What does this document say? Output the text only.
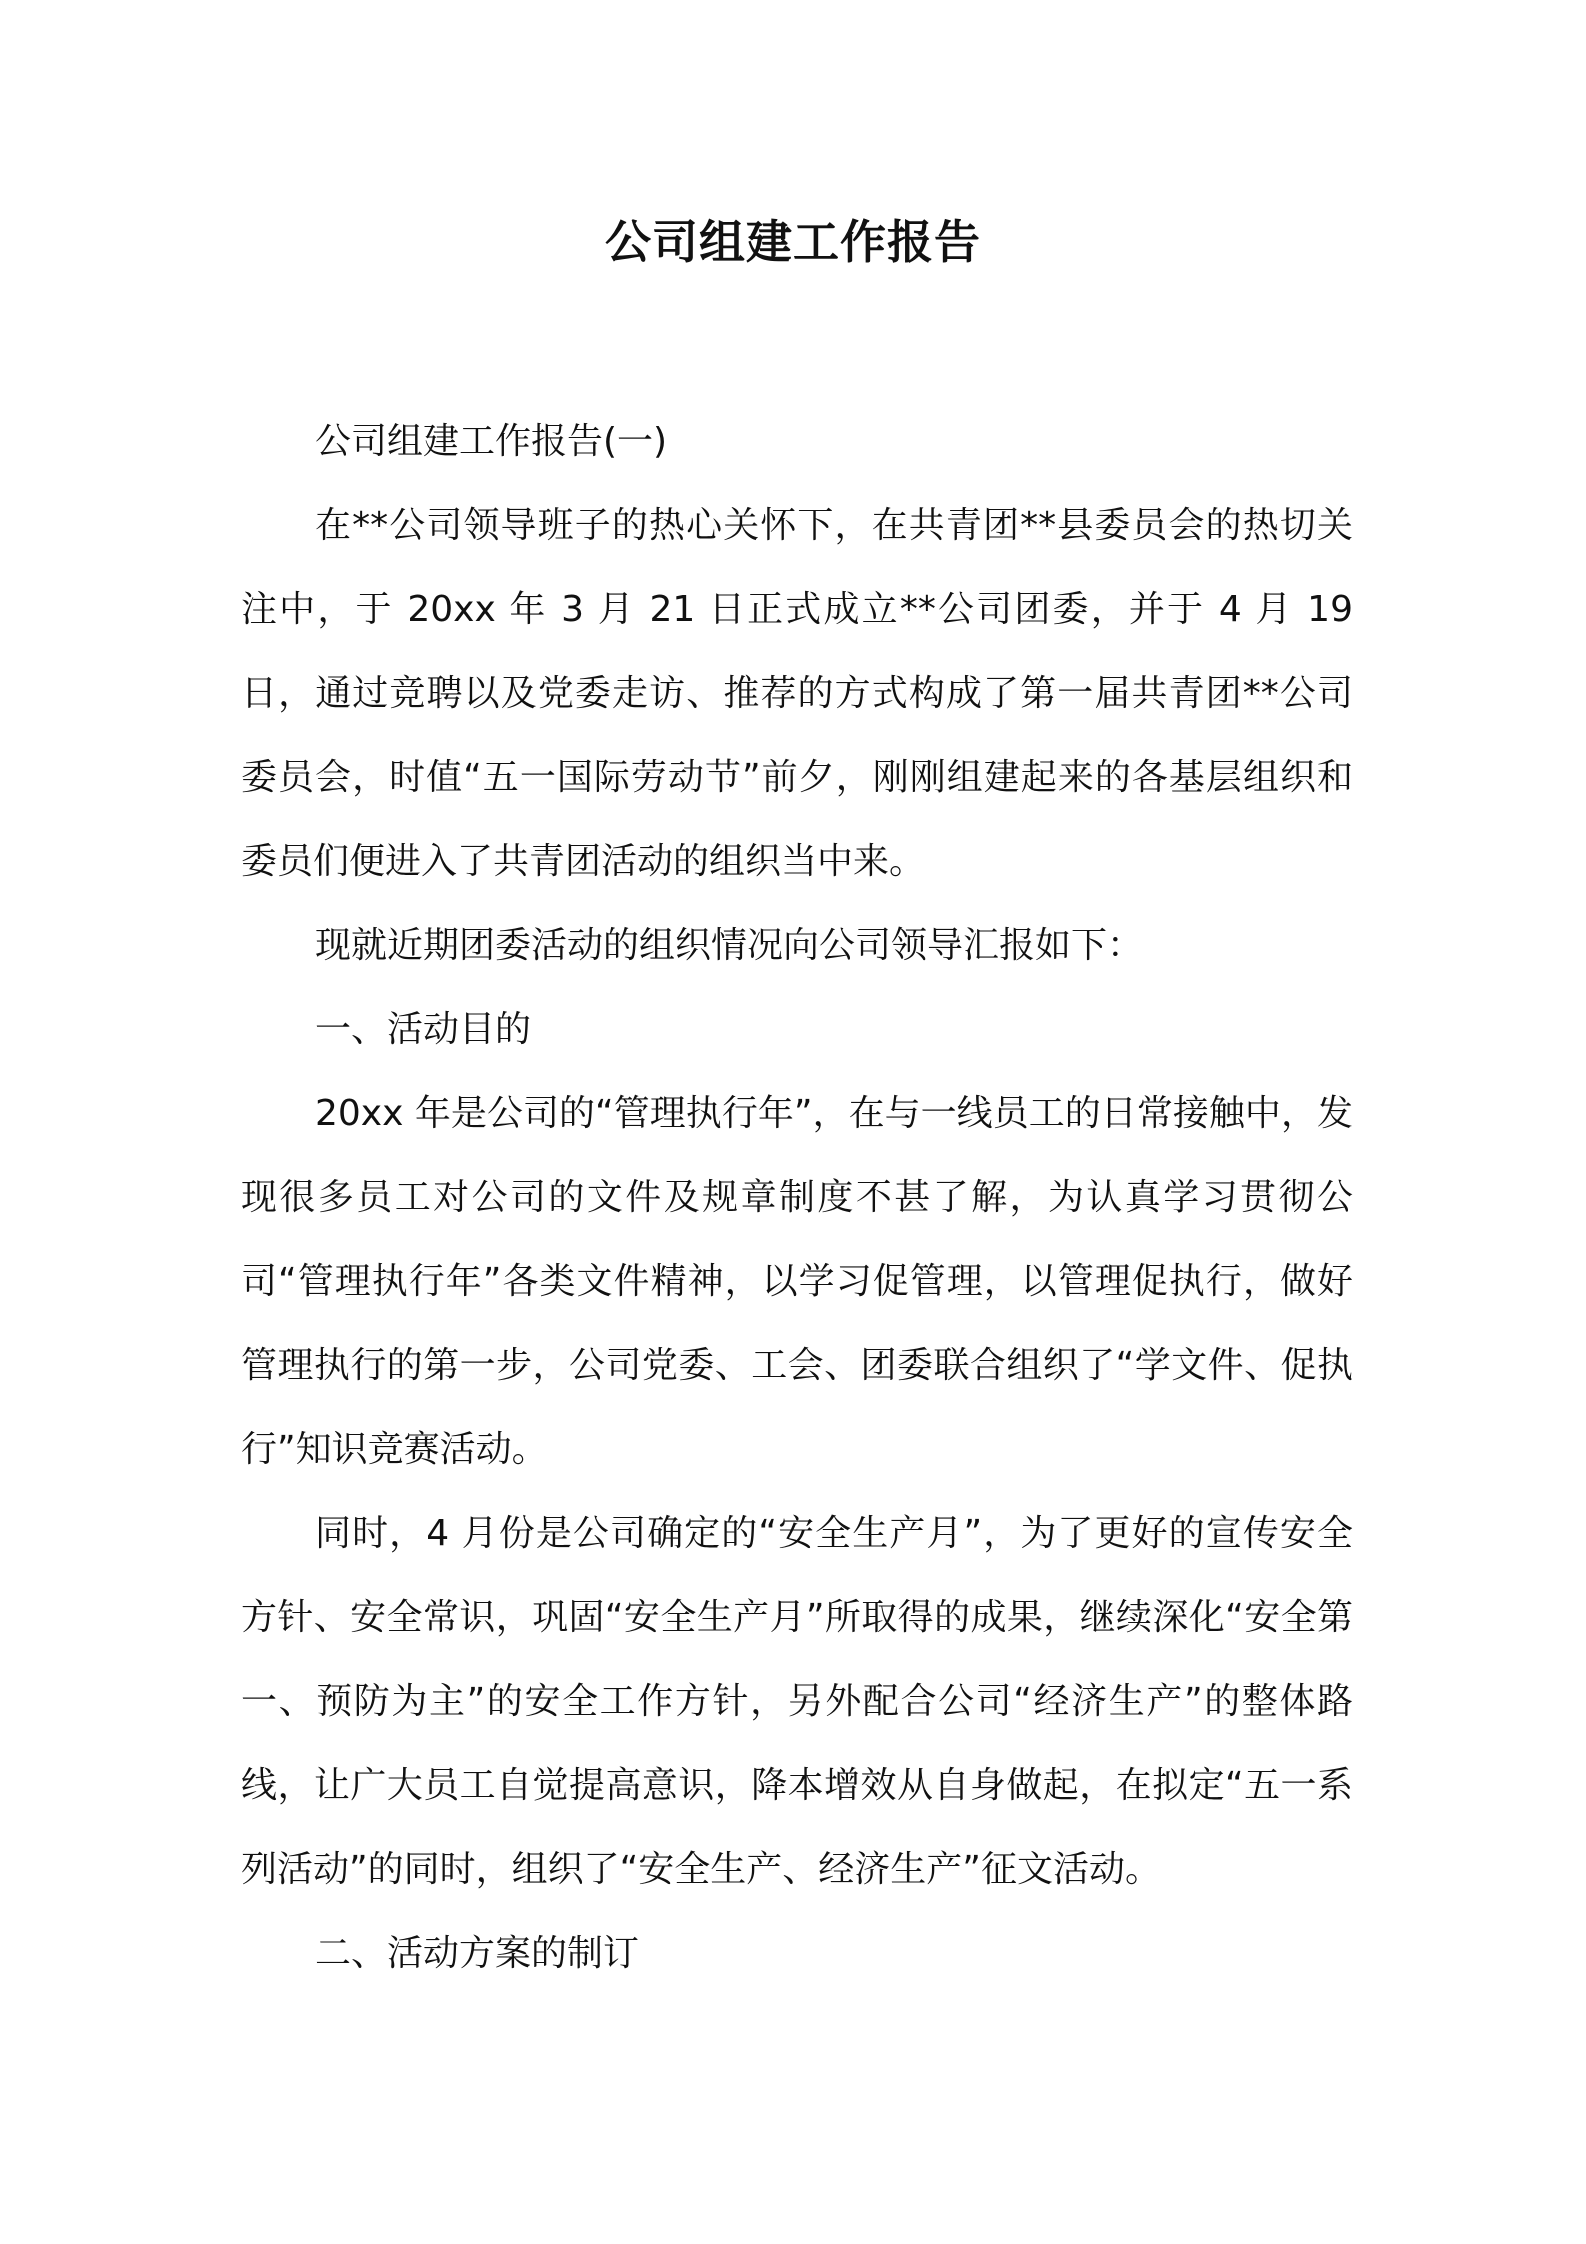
公司组建工作报告

公司组建工作报告(一)

在**公司领导班子的热心关怀下，在共青团**县委员会的热切关注中，于 20xx 年 3 月 21 日正式成立**公司团委，并于 4 月 19 日，通过竞聘以及党委走访、推荐的方式构成了第一届共青团**公司委员会，时值“五一国际劳动节”前夕，刚刚组建起来的各基层组织和委员们便进入了共青团活动的组织当中来。

现就近期团委活动的组织情况向公司领导汇报如下：

一、活动目的

20xx 年是公司的“管理执行年”，在与一线员工的日常接触中，发现很多员工对公司的文件及规章制度不甚了解，为认真学习贯彻公司“管理执行年”各类文件精神，以学习促管理，以管理促执行，做好管理执行的第一步，公司党委、工会、团委联合组织了“学文件、促执行”知识竞赛活动。

同时，4 月份是公司确定的“安全生产月”，为了更好的宣传安全方针、安全常识，巩固“安全生产月”所取得的成果，继续深化“安全第一、预防为主”的安全工作方针，另外配合公司“经济生产”的整体路线，让广大员工自觉提高意识，降本增效从自身做起，在拟定“五一系列活动”的同时，组织了“安全生产、经济生产”征文活动。

二、活动方案的制订
